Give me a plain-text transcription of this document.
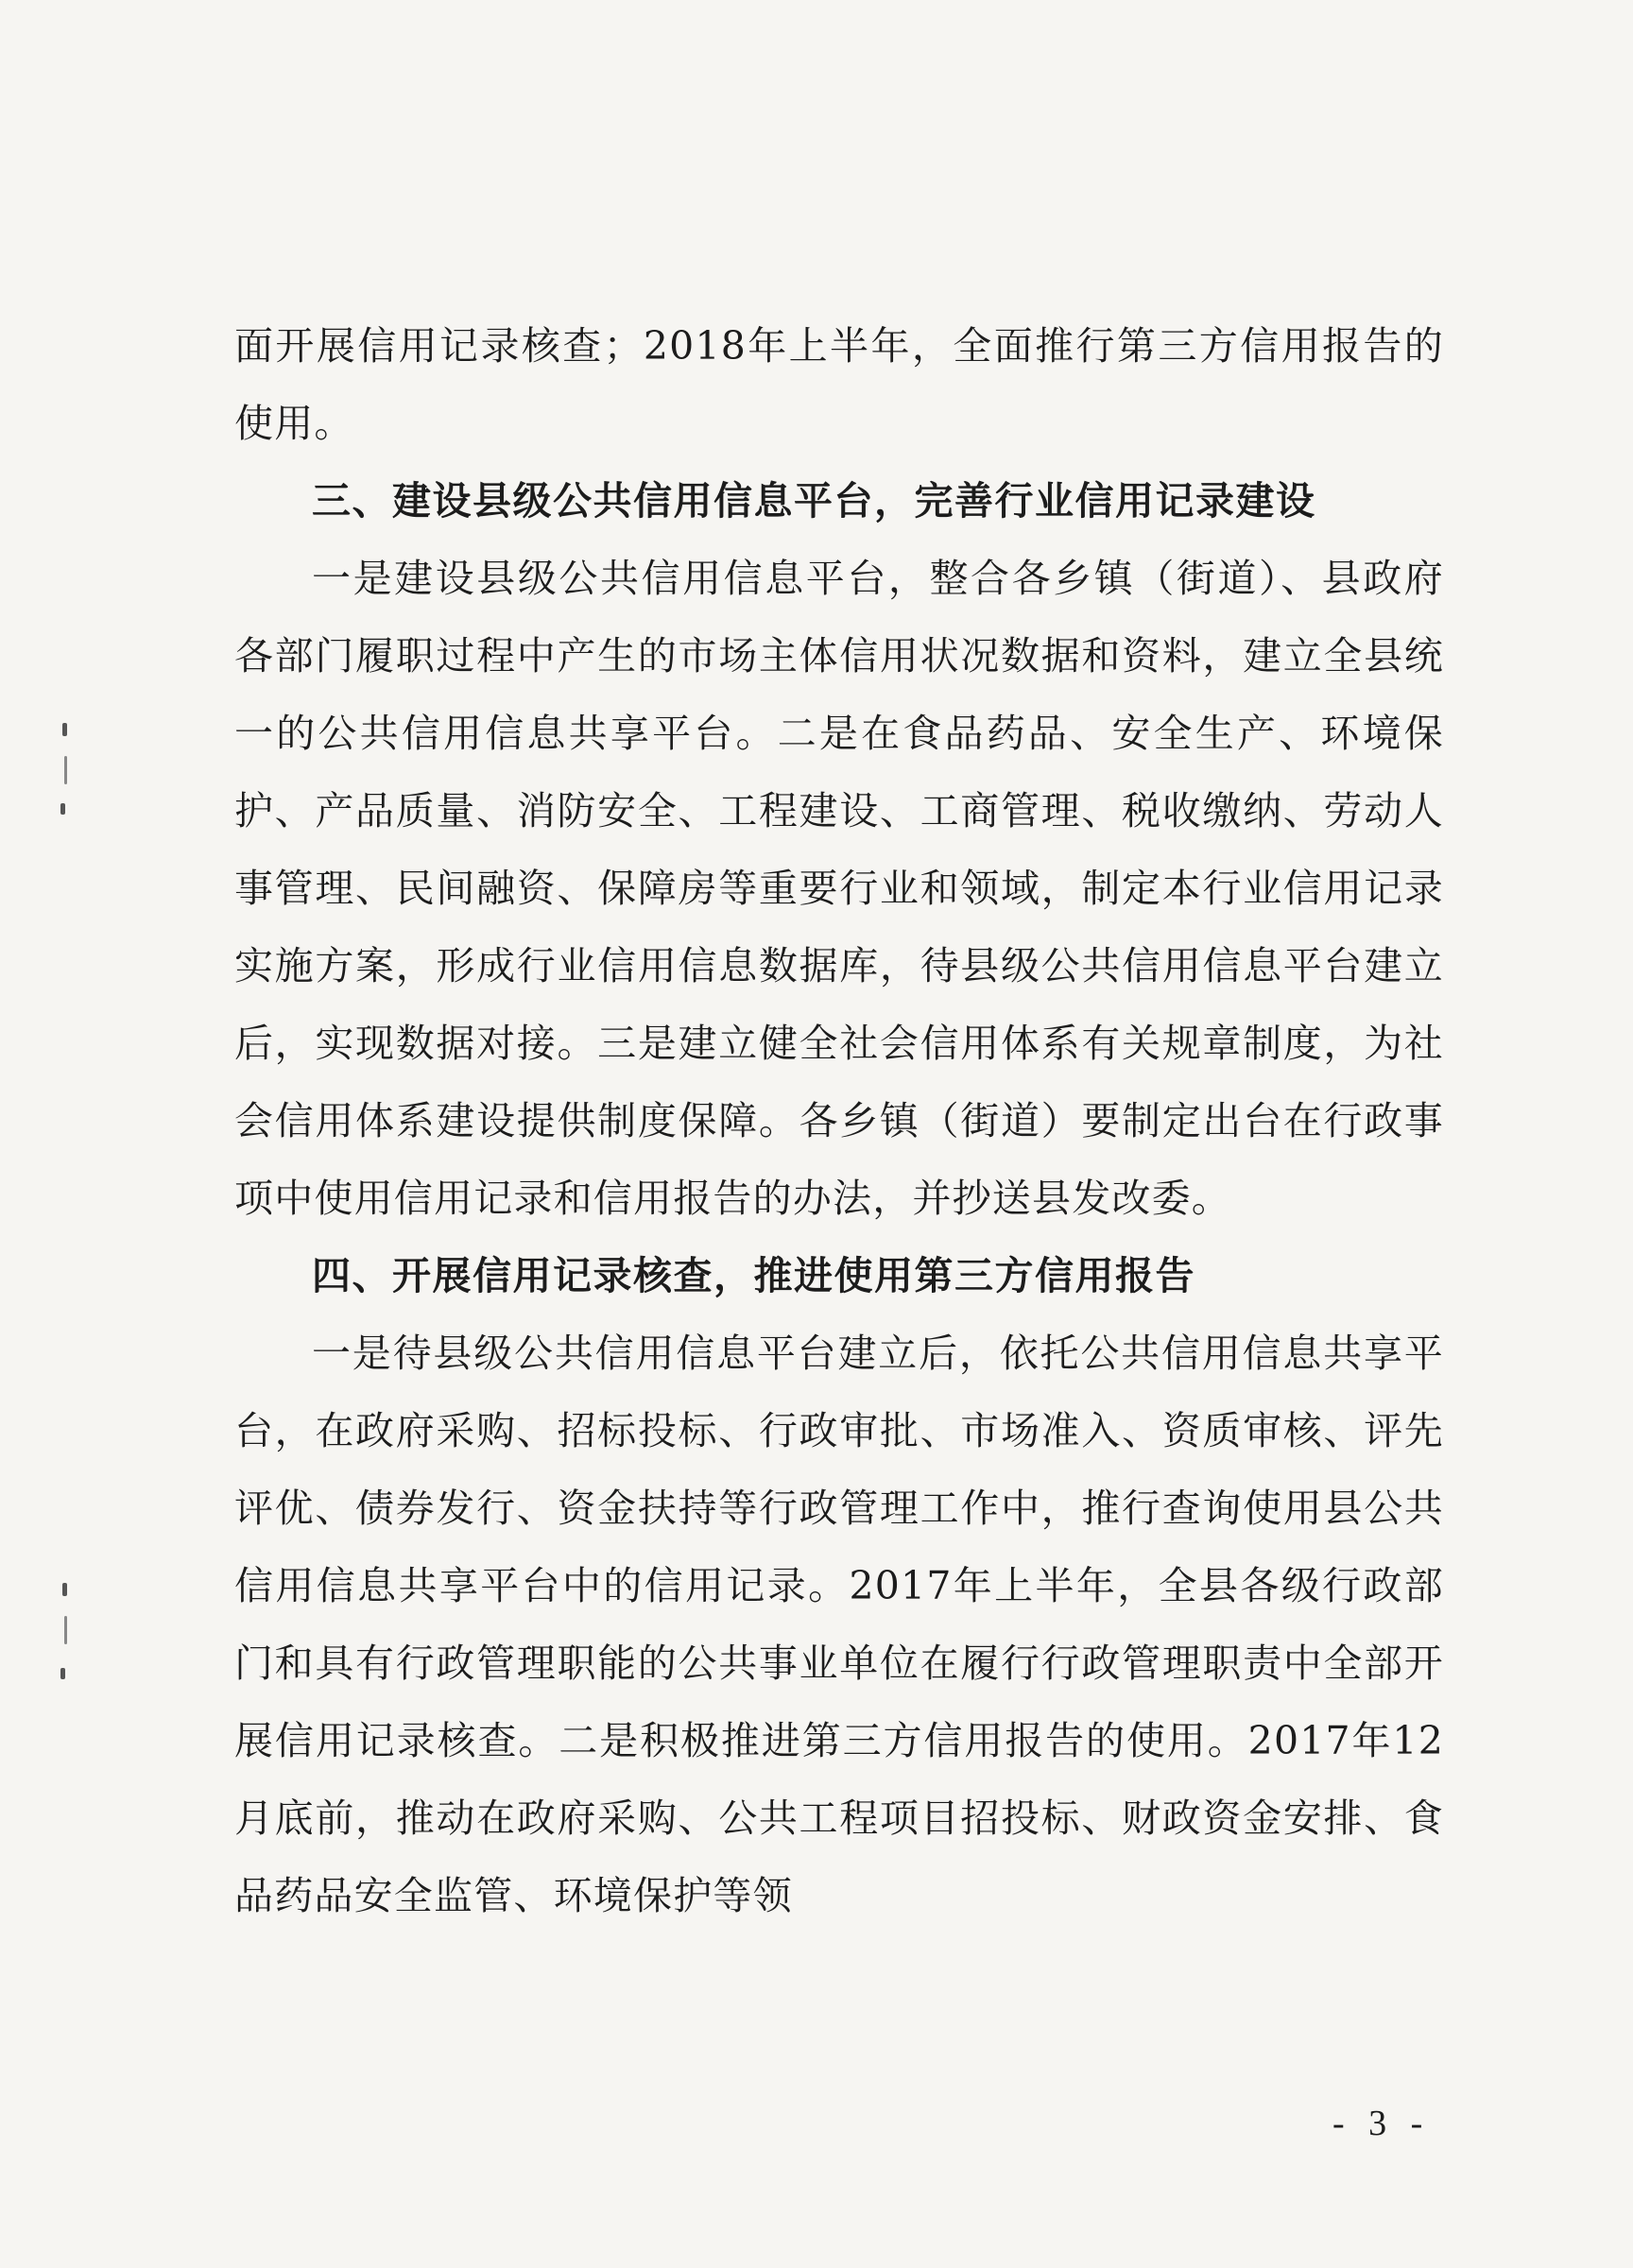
面开展信用记录核查；2018年上半年，全面推行第三方信用报告的使用。

三、建设县级公共信用信息平台，完善行业信用记录建设

一是建设县级公共信用信息平台，整合各乡镇（街道）、县政府各部门履职过程中产生的市场主体信用状况数据和资料，建立全县统一的公共信用信息共享平台。二是在食品药品、安全生产、环境保护、产品质量、消防安全、工程建设、工商管理、税收缴纳、劳动人事管理、民间融资、保障房等重要行业和领域，制定本行业信用记录实施方案，形成行业信用信息数据库，待县级公共信用信息平台建立后，实现数据对接。三是建立健全社会信用体系有关规章制度，为社会信用体系建设提供制度保障。各乡镇（街道）要制定出台在行政事项中使用信用记录和信用报告的办法，并抄送县发改委。

四、开展信用记录核查，推进使用第三方信用报告

一是待县级公共信用信息平台建立后，依托公共信用信息共享平台，在政府采购、招标投标、行政审批、市场准入、资质审核、评先评优、债券发行、资金扶持等行政管理工作中，推行查询使用县公共信用信息共享平台中的信用记录。2017年上半年，全县各级行政部门和具有行政管理职能的公共事业单位在履行行政管理职责中全部开展信用记录核查。二是积极推进第三方信用报告的使用。2017年12月底前，推动在政府采购、公共工程项目招投标、财政资金安排、食品药品安全监管、环境保护等领

- 3 -
